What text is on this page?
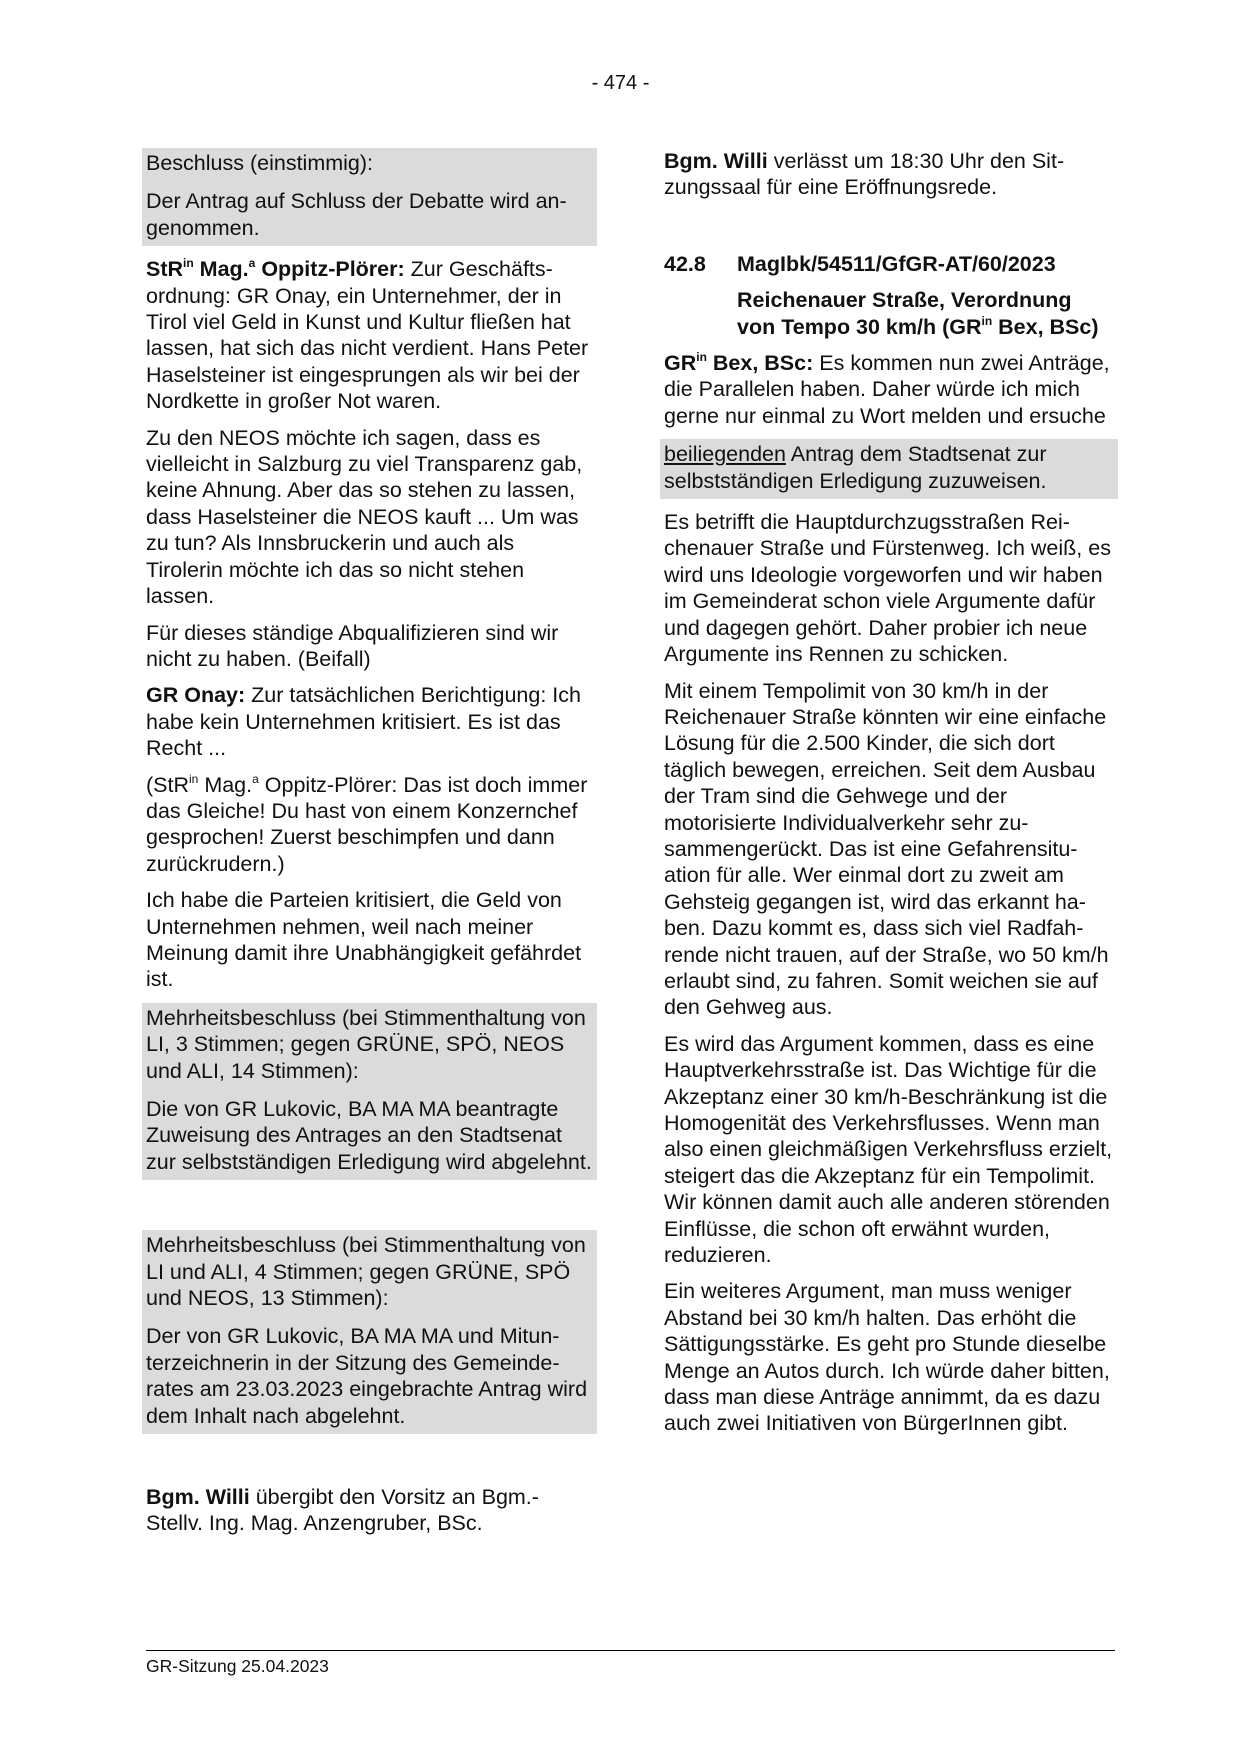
- 474 -
Beschluss (einstimmig):
Der Antrag auf Schluss der Debatte wird angenommen.

StR$^{in}$ Mag.$^a$ Oppitz-Plörer: Zur Geschäftsordnung: GR Onay, ein Unternehmer, der in Tirol viel Geld in Kunst und Kultur fließen hat lassen, hat sich das nicht verdient. Hans Peter Haselsteiner ist eingesprungen als wir bei der Nordkette in großer Not waren.

Zu den NEOS möchte ich sagen, dass es vielleicht in Salzburg zu viel Transparenz gab, keine Ahnung. Aber das so stehen zu lassen, dass Haselsteiner die NEOS kauft ... Um was zu tun? Als Innsbruckerin und auch als Tirolerin möchte ich das so nicht stehen lassen.

Für dieses ständige Abqualifizieren sind wir nicht zu haben. (Beifall)

GR Onay: Zur tatsächlichen Berichtigung: Ich habe kein Unternehmen kritisiert. Es ist das Recht ...

(StR$^{in}$ Mag.$^a$ Oppitz-Plörer: Das ist doch immer das Gleiche! Du hast von einem Konzernchef gesprochen! Zuerst beschimpfen und dann zurückrudern.)

Ich habe die Parteien kritisiert, die Geld von Unternehmen nehmen, weil nach meiner Meinung damit ihre Unabhängigkeit gefährdet ist.

Mehrheitsbeschluss (bei Stimmenthaltung von LI, 3 Stimmen; gegen GRÜNE, SPÖ, NEOS und ALI, 14 Stimmen):
Die von GR Lukovic, BA MA MA beantragte Zuweisung des Antrages an den Stadtsenat zur selbstständigen Erledigung wird abgelehnt.
Mehrheitsbeschluss (bei Stimmenthaltung von LI und ALI, 4 Stimmen; gegen GRÜNE, SPÖ und NEOS, 13 Stimmen):
Der von GR Lukovic, BA MA MA und Mitunterzeichnerin in der Sitzung des Gemeinderates am 23.03.2023 eingebrachte Antrag wird dem Inhalt nach abgelehnt.

Bgm. Willi übergibt den Vorsitz an Bgm.-Stellv. Ing. Mag. Anzengruber, BSc.

Bgm. Willi verlässt um 18:30 Uhr den Sitzungssaal für eine Eröffnungsrede.

42.8	MagIbk/54511/GfGR-AT/60/2023
Reichenauer Straße, Verordnung von Tempo 30 km/h ($GR^{in}$ Bex, BSc)

$GR^{in}$ Bex, BSc: Es kommen nun zwei Anträge, die Parallelen haben. Daher würde ich mich gerne nur einmal zu Wort melden und ersuche

beiliegenden Antrag dem Stadtsenat zur selbstständigen Erledigung zuzuweisen.

Es betrifft die Hauptdurchzugsstraßen Reichenauer Straße und Fürstenweg. Ich weiß, es wird uns Ideologie vorgeworfen und wir haben im Gemeinderat schon viele Argumente dafür und dagegen gehört. Daher probier ich neue Argumente ins Rennen zu schicken.

Mit einem Tempolimit von 30 km/h in der Reichenauer Straße könnten wir eine einfache Lösung für die 2.500 Kinder, die sich dort täglich bewegen, erreichen. Seit dem Ausbau der Tram sind die Gehwege und der motorisierte Individualverkehr sehr zusammengerückt. Das ist eine Gefahrensituation für alle. Wer einmal dort zu zweit am Gehsteig gegangen ist, wird das erkannt haben. Dazu kommt es, dass sich viel Radfahrende nicht trauen, auf der Straße, wo 50 km/h erlaubt sind, zu fahren. Somit weichen sie auf den Gehweg aus.

Es wird das Argument kommen, dass es eine Hauptverkehrsstraße ist. Das Wichtige für die Akzeptanz einer 30 km/h-Beschränkung ist die Homogenität des Verkehrsflusses. Wenn man also einen gleichmäßigen Verkehrsfluss erzielt, steigert das die Akzeptanz für ein Tempolimit. Wir können damit auch alle anderen störenden Einflüsse, die schon oft erwähnt wurden, reduzieren.

Ein weiteres Argument, man muss weniger Abstand bei 30 km/h halten. Das erhöht die Sättigungsstärke. Es geht pro Stunde dieselbe Menge an Autos durch. Ich würde daher bitten, dass man diese Anträge annimmt, da es dazu auch zwei Initiativen von BürgerInnen gibt.

GR-Sitzung 25.04.2023
